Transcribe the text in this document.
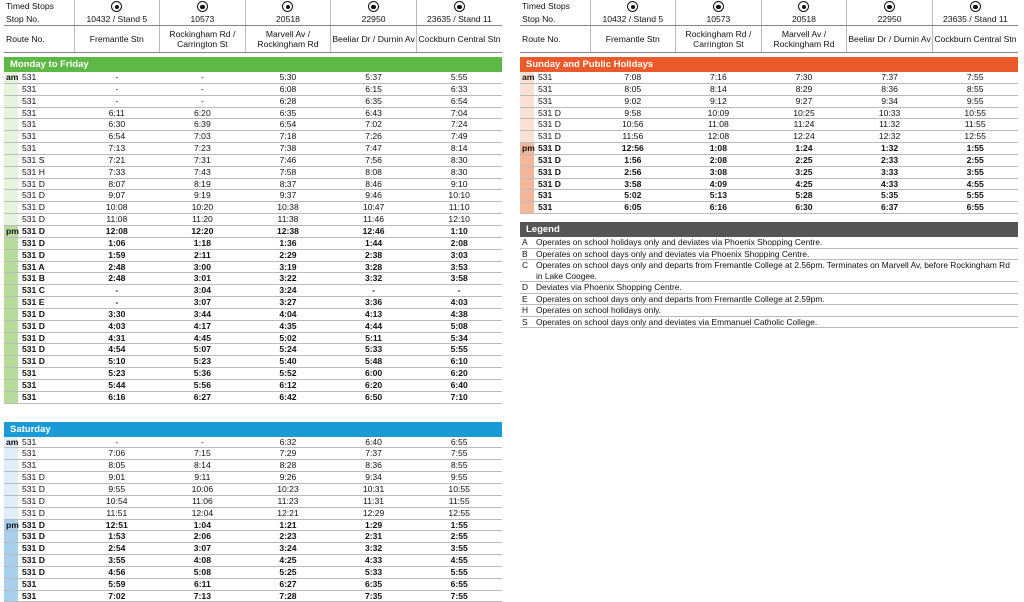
Timed Stops					
Stop No.	10432 / Stand 5	10573	20518	22950	23635 / Stand 11
Route No.	Fremantle Stn	Rockingham Rd / Carrington St	Marvell Av / Rockingham Rd	Beeliar Dr / Durnin Av	Cockburn Central Stn
Monday to Friday
am 531	-	-	5:30	5:37	5:55

531	-	-	6:08	6:15	6:33

531	-	-	6:28	6:35	6:54

531	6:11	6:20	6:35	6:43	7:04

531	6:30	6:39	6:54	7:02	7:24

531	6:54	7:03	7:18	7:26	7:49

531	7:13	7:23	7:38	7:47	8:14

531 S	7:21	7:31	7:46	7:56	8:30

531 H	7:33	7:43	7:58	8:08	8:30

531 D	8:07	8:19	8:37	8:46	9:10

531 D	9:07	9:19	9:37	9:46	10:10

531 D	10:08	10:20	10:38	10:47	11:10

531 D	11:08	11:20	11:38	11:46	12:10

pm 531 D	12:08	12:20	12:38	12:46	1:10

531 D	1:06	1:18	1:36	1:44	2:08

531 D	1:59	2:11	2:29	2:38	3:03

531 A	2:48	3:00	3:19	3:28	3:53

531 B	2:48	3:01	3:22	3:32	3:58

531 C	-	3:04	3:24	-	-

531 E	-	3:07	3:27	3:36	4:03

531 D	3:30	3:44	4:04	4:13	4:38

531 D	4:03	4:17	4:35	4:44	5:08

531 D	4:31	4:45	5:02	5:11	5:34

531 D	4:54	5:07	5:24	5:33	5:55

531 D	5:10	5:23	5:40	5:48	6:10

531	5:23	5:36	5:52	6:00	6:20

531	5:44	5:56	6:12	6:20	6:40

531	6:16	6:27	6:42	6:50	7:10
Saturday
am 531	-	-	6:32	6:40	6:55

531	7:06	7:15	7:29	7:37	7:55

531	8:05	8:14	8:28	8:36	8:55

531 D	9:01	9:11	9:26	9:34	9:55

531 D	9:55	10:06	10:23	10:31	10:55

531 D	10:54	11:06	11:23	11:31	11:55

531 D	11:51	12:04	12:21	12:29	12:55

pm 531 D	12:51	1:04	1:21	1:29	1:55

531 D	1:53	2:06	2:23	2:31	2:55

531 D	2:54	3:07	3:24	3:32	3:55

531 D	3:55	4:08	4:25	4:33	4:55

531 D	4:56	5:08	5:25	5:33	5:55

531	5:59	6:11	6:27	6:35	6:55

531	7:02	7:13	7:28	7:35	7:55
Timed Stops					
Stop No.	10432 / Stand 5	10573	20518	22950	23635 / Stand 11
Route No.	Fremantle Stn	Rockingham Rd / Carrington St	Marvell Av / Rockingham Rd	Beeliar Dr / Durnin Av	Cockburn Central Stn
Sunday and Public Holidays
am 531	7:08	7:16	7:30	7:37	7:55

531	8:05	8:14	8:29	8:36	8:55

531	9:02	9:12	9:27	9:34	9:55

531 D	9:58	10:09	10:25	10:33	10:55

531 D	10:56	11:08	11:24	11:32	11:55

531 D	11:56	12:08	12:24	12:32	12:55

pm 531 D	12:56	1:08	1:24	1:32	1:55

531 D	1:56	2:08	2:25	2:33	2:55

531 D	2:56	3:08	3:25	3:33	3:55

531 D	3:58	4:09	4:25	4:33	4:55

531	5:02	5:13	5:28	5:35	5:55

531	6:05	6:16	6:30	6:37	6:55
Legend
A	Operates on school holidays only and deviates via Phoenix Shopping Centre.
B	Operates on school days only and deviates via Phoenix Shopping Centre.
C Operates on school days only and departs from Fremantle College at 2.56pm. Terminates on Marvell Av, before Rockingham Rd in Lake Coogee.
D Deviates via Phoenix Shopping Centre.
E	Operates on school days only and departs from Fremantle College at 2.59pm.
H Operates on school holidays only.
S	Operates on school days only and deviates via Emmanuel Catholic College.
